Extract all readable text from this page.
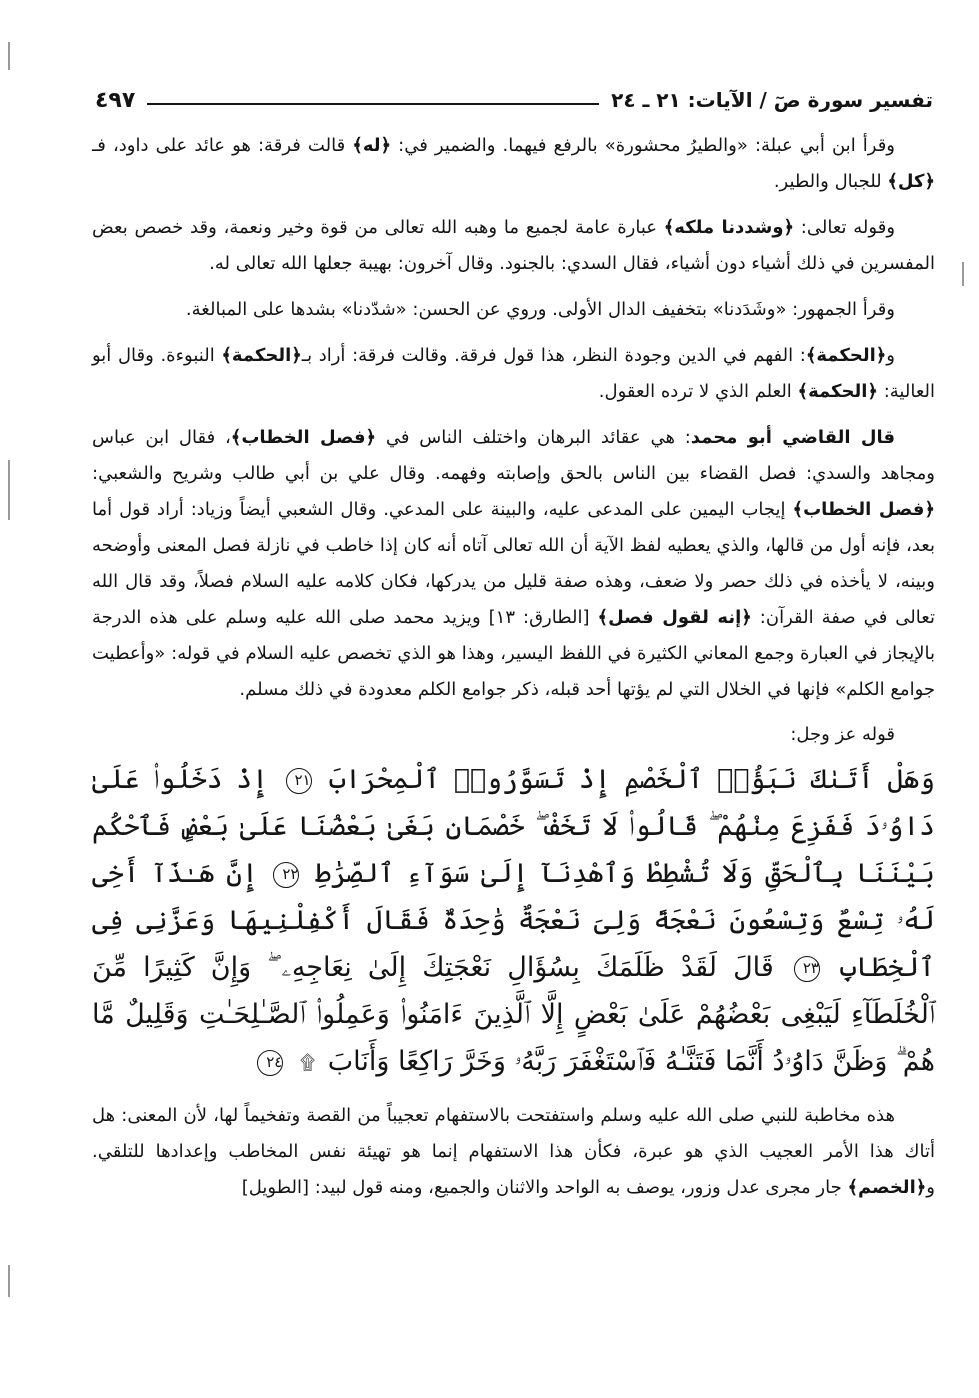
تفسير سورة صٓ / الآيات: ٢١ ـ ٢٤
٤٩٧

وقرأ ابن أبي عبلة: «والطيرُ محشورة» بالرفع فيهما. والضمير في: ﴿له﴾ قالت فرقة: هو عائد على داود، فـ ﴿كل﴾ للجبال والطير.

وقوله تعالى: ﴿وشددنا ملكه﴾ عبارة عامة لجميع ما وهبه الله تعالى من قوة وخير ونعمة، وقد خصص بعض المفسرين في ذلك أشياء دون أشياء، فقال السدي: بالجنود. وقال آخرون: بهيبة جعلها الله تعالى له.

وقرأ الجمهور: «وشَدَدنا» بتخفيف الدال الأولى. وروي عن الحسن: «شدّدنا» بشدها على المبالغة.

و﴿الحكمة﴾: الفهم في الدين وجودة النظر، هذا قول فرقة. وقالت فرقة: أراد بـ﴿الحكمة﴾ النبوءة. وقال أبو العالية: ﴿الحكمة﴾ العلم الذي لا ترده العقول.

قال القاضي أبو محمد: هي عقائد البرهان واختلف الناس في ﴿فصل الخطاب﴾، فقال ابن عباس ومجاهد والسدي: فصل القضاء بين الناس بالحق وإصابته وفهمه. وقال علي بن أبي طالب وشريح والشعبي: ﴿فصل الخطاب﴾ إيجاب اليمين على المدعى عليه، والبينة على المدعي. وقال الشعبي أيضاً وزياد: أراد قول أما بعد، فإنه أول من قالها، والذي يعطيه لفظ الآية أن الله تعالى آتاه أنه كان إذا خاطب في نازلة فصل المعنى وأوضحه وبينه، لا يأخذه في ذلك حصر ولا ضعف، وهذه صفة قليل من يدركها، فكان كلامه عليه السلام فصلاً، وقد قال الله تعالى في صفة القرآن: ﴿إنه لقول فصل﴾ [الطارق: ١٣] ويزيد محمد صلى الله عليه وسلم على هذه الدرجة بالإيجاز في العبارة وجمع المعاني الكثيرة في اللفظ اليسير، وهذا هو الذي تخصص عليه السلام في قوله: «وأعطيت جوامع الكلم» فإنها في الخلال التي لم يؤتها أحد قبله، ذكر جوامع الكلم معدودة في ذلك مسلم.

قوله عز وجل:
وَهَلْ أَتَىٰكَ نَبَؤُا۟ ٱلْخَصْمِ إِذْ تَسَوَّرُوا۟ ٱلْمِحْرَابَ ٢١ إِذْ دَخَلُوا۟ عَلَىٰ دَاوُۥدَ فَفَزِعَ مِنْهُمْ ۖ قَالُوا۟ لَا تَخَفْ ۖ خَصْمَانِ بَغَىٰ بَعْضُنَا عَلَىٰ بَعْضٍ فَٱحْكُم بَيْنَنَا بِٱلْحَقِّ وَلَا تُشْطِطْ وَٱهْدِنَآ إِلَىٰ سَوَآءِ ٱلصِّرَٰطِ ٢٢ إِنَّ هَـٰذَآ أَخِى لَهُۥ تِسْعٌ وَتِسْعُونَ نَعْجَةً وَلِىَ نَعْجَةٌ وَٰحِدَةٌ فَقَالَ أَكْفِلْنِيهَا وَعَزَّنِى فِى ٱلْخِطَابِ ٢٣ قَالَ لَقَدْ ظَلَمَكَ بِسُؤَالِ نَعْجَتِكَ إِلَىٰ نِعَاجِهِۦ ۖ وَإِنَّ كَثِيرًا مِّنَ ٱلْخُلَطَآءِ لَيَبْغِى بَعْضُهُمْ عَلَىٰ بَعْضٍ إِلَّا ٱلَّذِينَ ءَامَنُوا۟ وَعَمِلُوا۟ ٱلصَّـٰلِحَـٰتِ وَقَلِيلٌ مَّا هُمْ ۗ وَظَنَّ دَاوُۥدُ أَنَّمَا فَتَنَّـٰهُ فَٱسْتَغْفَرَ رَبَّهُۥ وَخَرَّ رَاكِعًا وَأَنَابَ ۩ ٢٤

هذه مخاطبة للنبي صلى الله عليه وسلم واستفتحت بالاستفهام تعجيباً من القصة وتفخيماً لها، لأن المعنى: هل أتاك هذا الأمر العجيب الذي هو عبرة، فكأن هذا الاستفهام إنما هو تهيئة نفس المخاطب وإعدادها للتلقي. و﴿الخصم﴾ جار مجرى عدل وزور، يوصف به الواحد والاثنان والجميع، ومنه قول لبيد: [الطويل]
